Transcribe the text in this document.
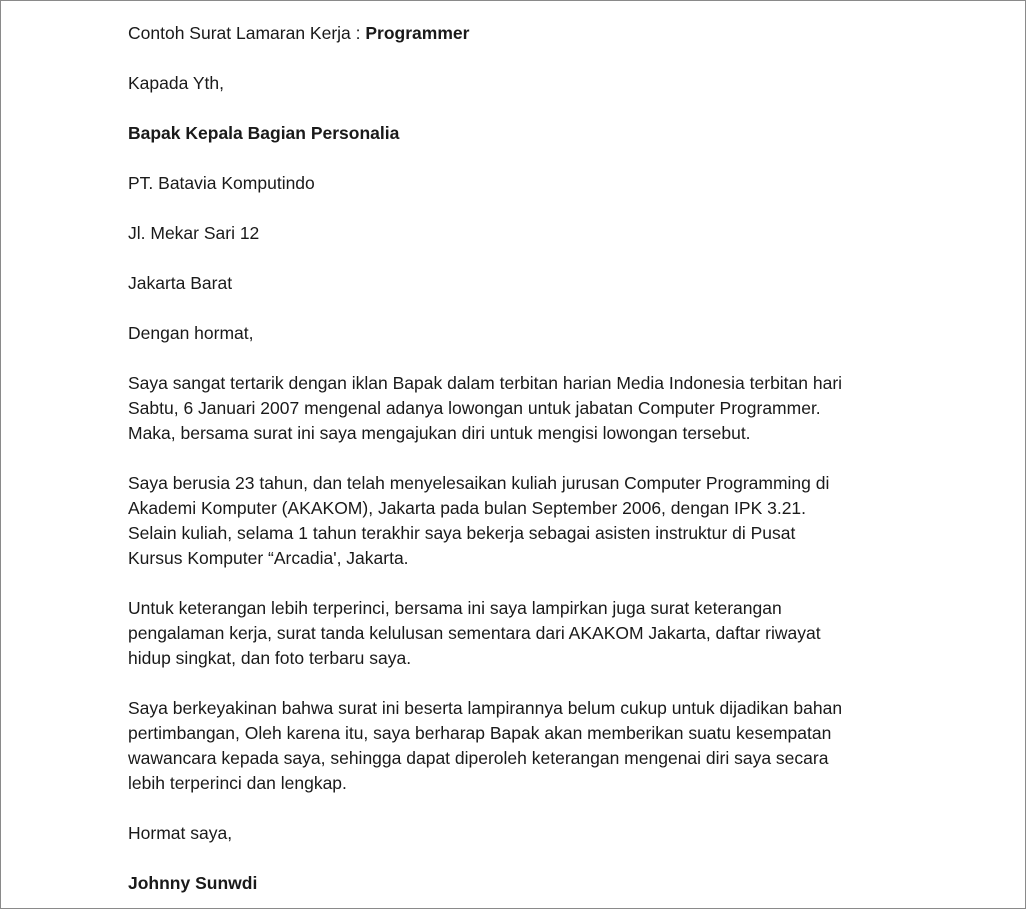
Contoh Surat Lamaran Kerja : Programmer

Kapada Yth,

Bapak Kepala Bagian Personalia

PT. Batavia Komputindo

Jl. Mekar Sari 12

Jakarta Barat

Dengan hormat,

Saya sangat tertarik dengan iklan Bapak dalam terbitan harian Media Indonesia terbitan hari
Sabtu, 6 Januari 2007 mengenal adanya lowongan untuk jabatan Computer Programmer.
Maka, bersama surat ini saya mengajukan diri untuk mengisi lowongan tersebut.

Saya berusia 23 tahun, dan telah menyelesaikan kuliah jurusan Computer Programming di
Akademi Komputer (AKAKOM), Jakarta pada bulan September 2006, dengan IPK 3.21.
Selain kuliah, selama 1 tahun terakhir saya bekerja sebagai asisten instruktur di Pusat
Kursus Komputer “Arcadia', Jakarta.

Untuk keterangan lebih terperinci, bersama ini saya lampirkan juga surat keterangan
pengalaman kerja, surat tanda kelulusan sementara dari AKAKOM Jakarta, daftar riwayat
hidup singkat, dan foto terbaru saya.

Saya berkeyakinan bahwa surat ini beserta lampirannya belum cukup untuk dijadikan bahan
pertimbangan, Oleh karena itu, saya berharap Bapak akan memberikan suatu kesempatan
wawancara kepada saya, sehingga dapat diperoleh keterangan mengenai diri saya secara
lebih terperinci dan lengkap.

Hormat saya,

Johnny Sunwdi
